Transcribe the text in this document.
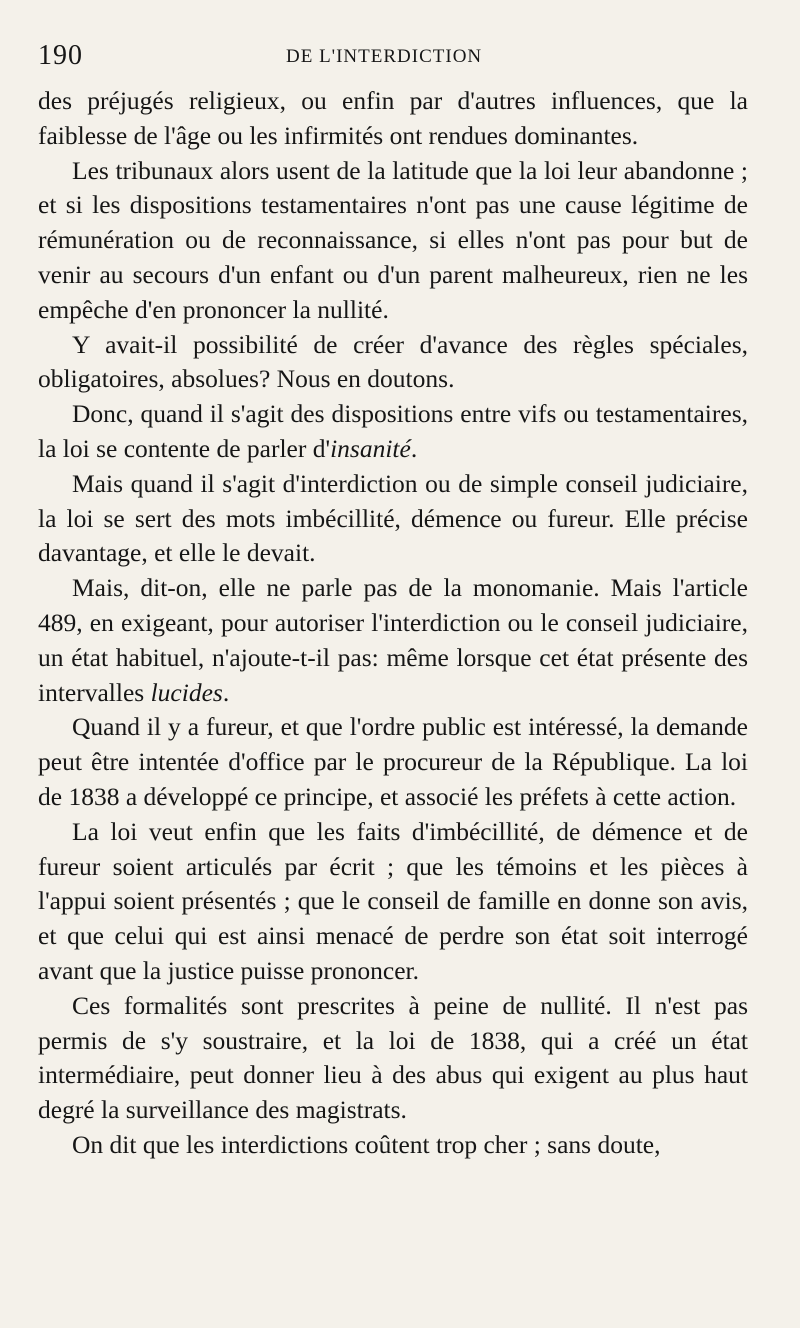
190	DE L'INTERDICTION

des préjugés religieux, ou enfin par d'autres influences, que la faiblesse de l'âge ou les infirmités ont rendues dominantes.

Les tribunaux alors usent de la latitude que la loi leur abandonne ; et si les dispositions testamentaires n'ont pas une cause légitime de rémunération ou de reconnaissance, si elles n'ont pas pour but de venir au secours d'un enfant ou d'un parent malheureux, rien ne les empêche d'en prononcer la nullité.

Y avait-il possibilité de créer d'avance des règles spéciales, obligatoires, absolues? Nous en doutons.

Donc, quand il s'agit des dispositions entre vifs ou testamentaires, la loi se contente de parler d'insanité.

Mais quand il s'agit d'interdiction ou de simple conseil judiciaire, la loi se sert des mots imbécillité, démence ou fureur. Elle précise davantage, et elle le devait.

Mais, dit-on, elle ne parle pas de la monomanie. Mais l'article 489, en exigeant, pour autoriser l'interdiction ou le conseil judiciaire, un état habituel, n'ajoute-t-il pas: même lorsque cet état présente des intervalles lucides.

Quand il y a fureur, et que l'ordre public est intéressé, la demande peut être intentée d'office par le procureur de la République. La loi de 1838 a développé ce principe, et associé les préfets à cette action.

La loi veut enfin que les faits d'imbécillité, de démence et de fureur soient articulés par écrit ; que les témoins et les pièces à l'appui soient présentés ; que le conseil de famille en donne son avis, et que celui qui est ainsi menacé de perdre son état soit interrogé avant que la justice puisse prononcer.

Ces formalités sont prescrites à peine de nullité. Il n'est pas permis de s'y soustraire, et la loi de 1838, qui a créé un état intermédiaire, peut donner lieu à des abus qui exigent au plus haut degré la surveillance des magistrats.

On dit que les interdictions coûtent trop cher ; sans doute,
